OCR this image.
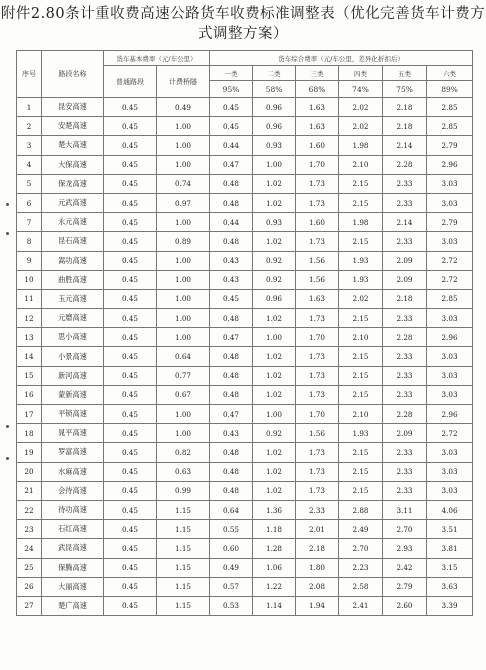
附件2.80条计重收费高速公路货车收费标准调整表（优化完善货车计费方
式调整方案）
序号	路段名称	货车基本费率（元/车公里）		货车综合费率（元/车公里，差异化折扣后）					
		普通路段	计费桥隧	一类	二类	三类	四类	五类	六类
				95%	58%	68%	74%	75%	89%
1	昆安高速	0.45	0.49	0.45	0.96	1.63	2.02	2.18	2.85
2	安楚高速	0.45	1.00	0.45	0.96	1.63	2.02	2.18	2.85
3	楚大高速	0.45	1.00	0.44	0.93	1.60	1.98	2.14	2.79
4	大保高速	0.45	1.00	0.47	1.00	1.70	2.10	2.28	2.96
5	保龙高速	0.45	0.74	0.48	1.02	1.73	2.15	2.33	3.03
6	元武高速	0.45	0.97	0.48	1.02	1.73	2.15	2.33	3.03
7	永元高速	0.45	1.00	0.44	0.93	1.60	1.98	2.14	2.79
8	昆石高速	0.45	0.89	0.48	1.02	1.73	2.15	2.33	3.03
9	嵩功高速	0.45	1.00	0.43	0.92	1.56	1.93	2.09	2.72
10	曲胜高速	0.45	1.00	0.43	0.92	1.56	1.93	2.09	2.72
11	玉元高速	0.45	1.00	0.45	0.96	1.63	2.02	2.18	2.85
12	元磨高速	0.45	1.00	0.48	1.02	1.73	2.15	2.33	3.03
13	思小高速	0.45	1.00	0.47	1.00	1.70	2.10	2.28	2.96
14	小景高速	0.45	0.64	0.48	1.02	1.73	2.15	2.33	3.03
15	新河高速	0.45	0.77	0.48	1.02	1.73	2.15	2.33	3.03
16	蒙新高速	0.45	0.67	0.48	1.02	1.73	2.15	2.33	3.03
17	平锁高速	0.45	1.00	0.47	1.00	1.70	2.10	2.28	2.96
18	晁平高速	0.45	1.00	0.43	0.92	1.56	1.93	2.09	2.72
19	罗富高速	0.45	0.82	0.48	1.02	1.73	2.15	2.33	3.03
20	水麻高速	0.45	0.63	0.48	1.02	1.73	2.15	2.33	3.03
21	会待高速	0.45	0.99	0.48	1.02	1.73	2.15	2.33	3.03
22	待功高速	0.45	1.15	0.64	1.36	2.33	2.88	3.11	4.06
23	石红高速	0.45	1.15	0.55	1.18	2.01	2.49	2.70	3.51
24	武昆高速	0.45	1.15	0.60	1.28	2.18	2.70	2.93	3.81
25	保腾高速	0.45	1.15	0.49	1.06	1.80	2.23	2.42	3.15
26	大丽高速	0.45	1.15	0.57	1.22	2.08	2.58	2.79	3.63
27	楚广高速	0.45	1.15	0.53	1.14	1.94	2.41	2.60	3.39
